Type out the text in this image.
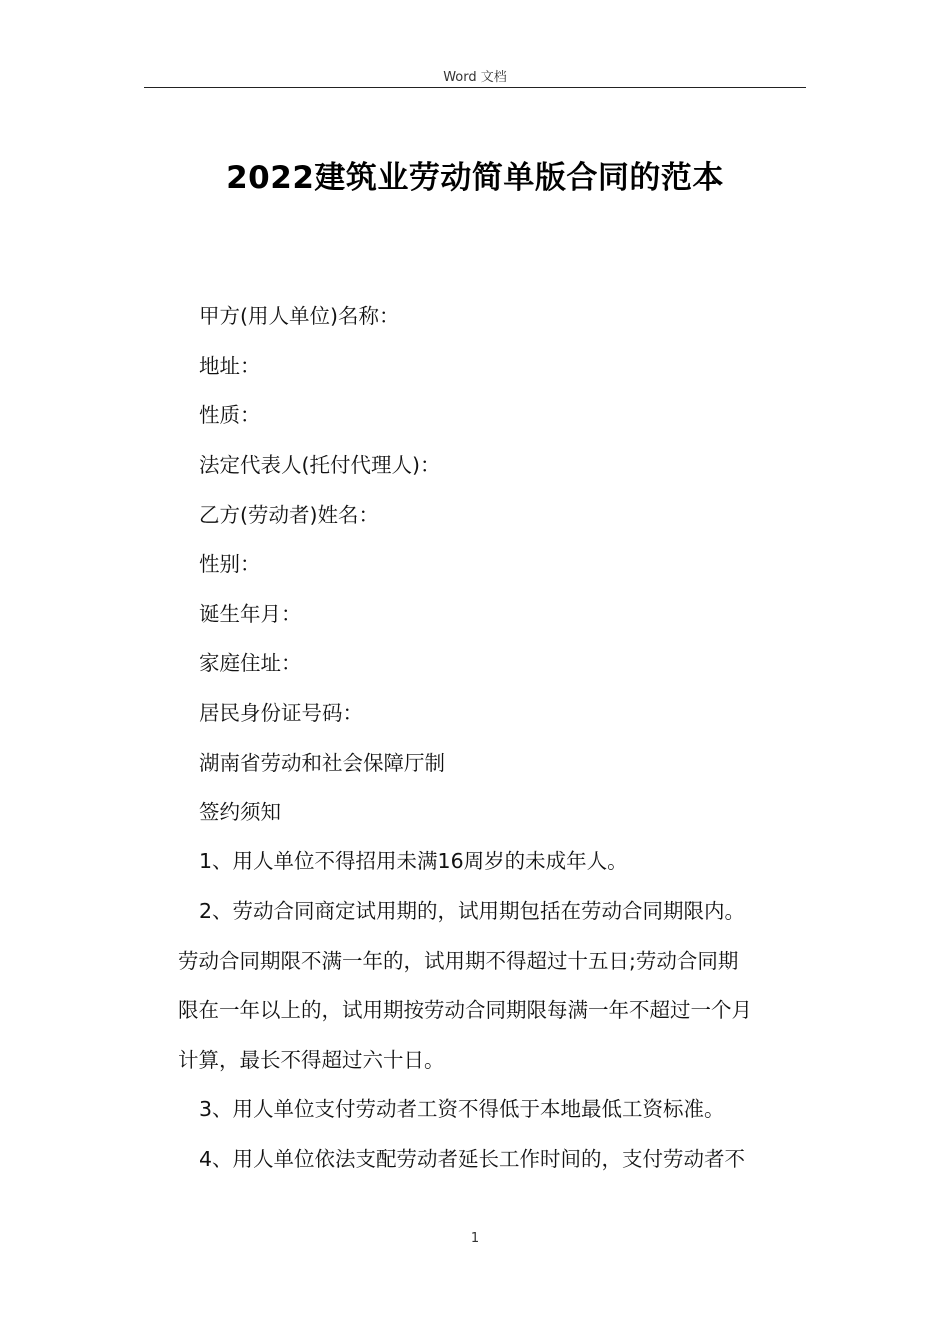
Word 文档
2022建筑业劳动简单版合同的范本
甲方(用人单位)名称：
地址：
性质：
法定代表人(托付代理人)：
乙方(劳动者)姓名：
性别：
诞生年月：
家庭住址：
居民身份证号码：
湖南省劳动和社会保障厅制
签约须知
1、用人单位不得招用未满16周岁的未成年人。
2、劳动合同商定试用期的，试用期包括在劳动合同期限内。
劳动合同期限不满一年的，试用期不得超过十五日;劳动合同期
限在一年以上的，试用期按劳动合同期限每满一年不超过一个月
计算，最长不得超过六十日。
3、用人单位支付劳动者工资不得低于本地最低工资标准。
4、用人单位依法支配劳动者延长工作时间的，支付劳动者不
1
